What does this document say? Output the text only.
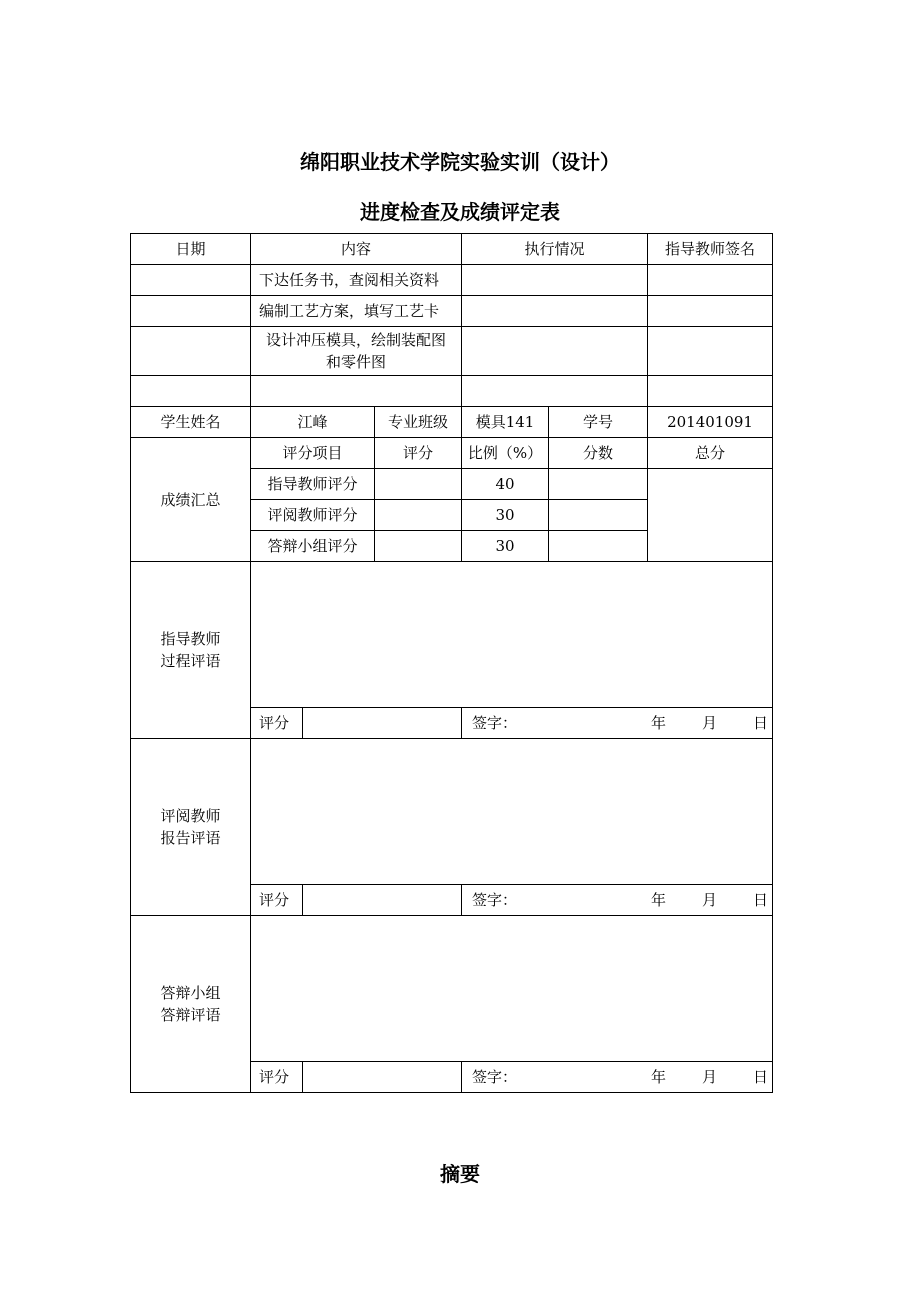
绵阳职业技术学院实验实训（设计）
进度检查及成绩评定表
日期	内容			执行情况		指导教师签名
	下达任务书，查阅相关资料					
	编制工艺方案，填写工艺卡					

	设计冲压模具，绘制装配图
和零件图					

学生姓名	江峰		专业班级	模具141	学号	201401091
成绩汇总	评分项目		评分	比例（%）	分数	总分
	指导教师评分			40		
	评阅教师评分			30		
	答辩小组评分			30		

指导教师
过程评语						

	评分			签字： 年 月 日		

评阅教师
报告评语						

	评分			签字： 年 月 日		

答辩小组
答辩评语						

	评分			签字： 年 月 日		
摘要
